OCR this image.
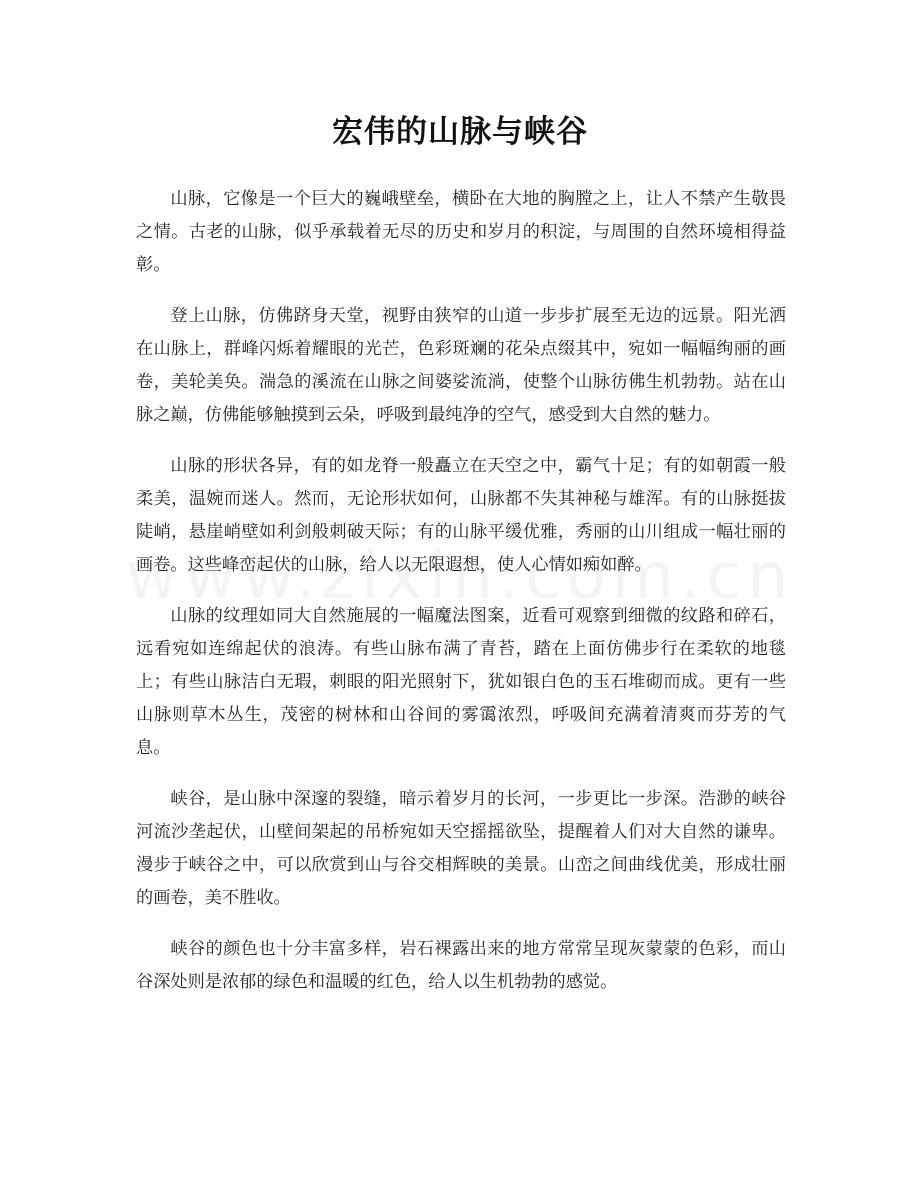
宏伟的山脉与峡谷

山脉，它像是一个巨大的巍峨壁垒，横卧在大地的胸膛之上，让人不禁产生敬畏之情。古老的山脉，似乎承载着无尽的历史和岁月的积淀，与周围的自然环境相得益彰。

登上山脉，仿佛跻身天堂，视野由狭窄的山道一步步扩展至无边的远景。阳光洒在山脉上，群峰闪烁着耀眼的光芒，色彩斑斓的花朵点缀其中，宛如一幅幅绚丽的画卷，美轮美奂。湍急的溪流在山脉之间婆娑流淌，使整个山脉彷佛生机勃勃。站在山脉之巅，仿佛能够触摸到云朵，呼吸到最纯净的空气，感受到大自然的魅力。

山脉的形状各异，有的如龙脊一般矗立在天空之中，霸气十足；有的如朝霞一般柔美，温婉而迷人。然而，无论形状如何，山脉都不失其神秘与雄浑。有的山脉挺拔陡峭，悬崖峭壁如利剑般刺破天际；有的山脉平缓优雅，秀丽的山川组成一幅壮丽的画卷。这些峰峦起伏的山脉，给人以无限遐想，使人心情如痴如醉。

山脉的纹理如同大自然施展的一幅魔法图案，近看可观察到细微的纹路和碎石，远看宛如连绵起伏的浪涛。有些山脉布满了青苔，踏在上面仿佛步行在柔软的地毯上；有些山脉洁白无瑕，刺眼的阳光照射下，犹如银白色的玉石堆砌而成。更有一些山脉则草木丛生，茂密的树林和山谷间的雾霭浓烈，呼吸间充满着清爽而芬芳的气息。

峡谷，是山脉中深邃的裂缝，暗示着岁月的长河，一步更比一步深。浩渺的峡谷河流沙垄起伏，山壁间架起的吊桥宛如天空摇摇欲坠，提醒着人们对大自然的谦卑。漫步于峡谷之中，可以欣赏到山与谷交相辉映的美景。山峦之间曲线优美，形成壮丽的画卷，美不胜收。

峡谷的颜色也十分丰富多样，岩石裸露出来的地方常常呈现灰蒙蒙的色彩，而山谷深处则是浓郁的绿色和温暖的红色，给人以生机勃勃的感觉。
